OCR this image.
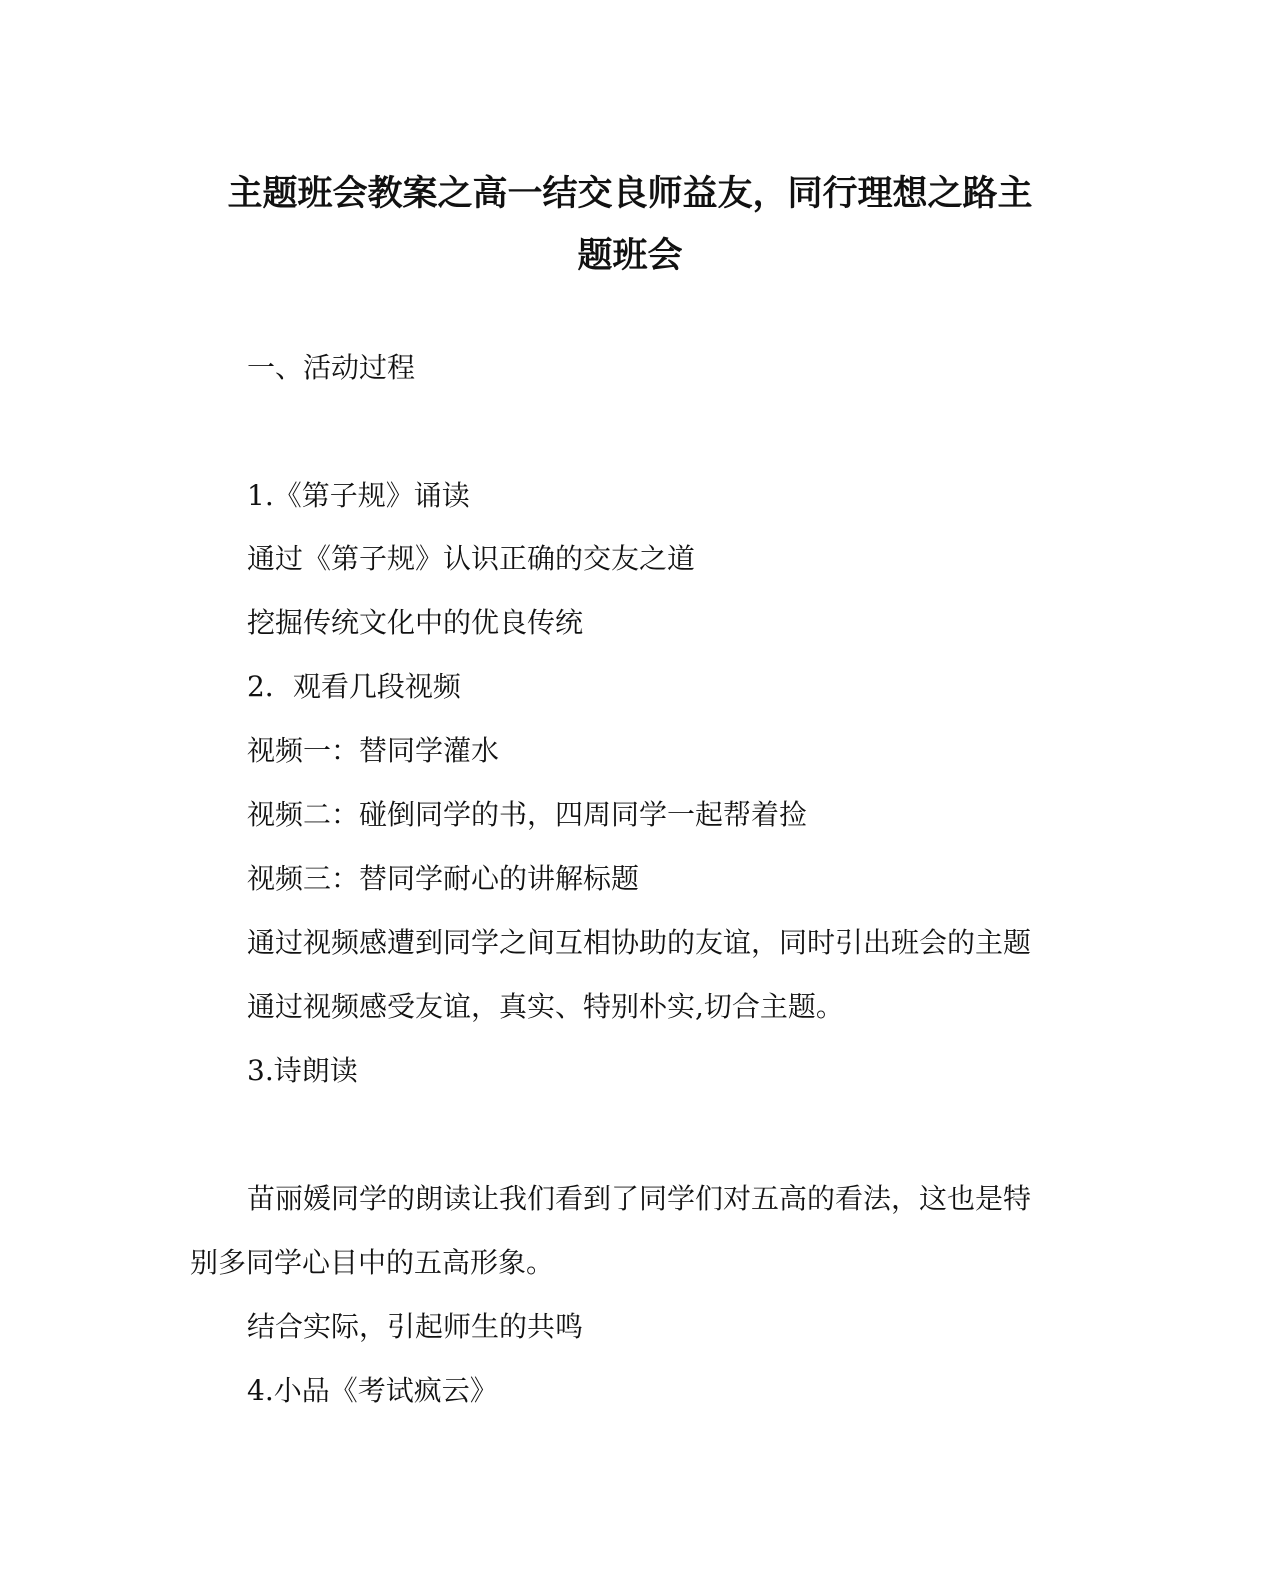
主题班会教案之高一结交良师益友，同行理想之路主
题班会

一、活动过程

1.《第子规》诵读

通过《第子规》认识正确的交友之道

挖掘传统文化中的优良传统

2．观看几段视频

视频一：替同学灌水

视频二：碰倒同学的书，四周同学一起帮着捡

视频三：替同学耐心的讲解标题

通过视频感遭到同学之间互相协助的友谊，同时引出班会的主题

通过视频感受友谊，真实、特别朴实,切合主题。

3.诗朗读

苗丽媛同学的朗读让我们看到了同学们对五高的看法，这也是特

别多同学心目中的五高形象。

结合实际，引起师生的共鸣

4.小品《考试疯云》
